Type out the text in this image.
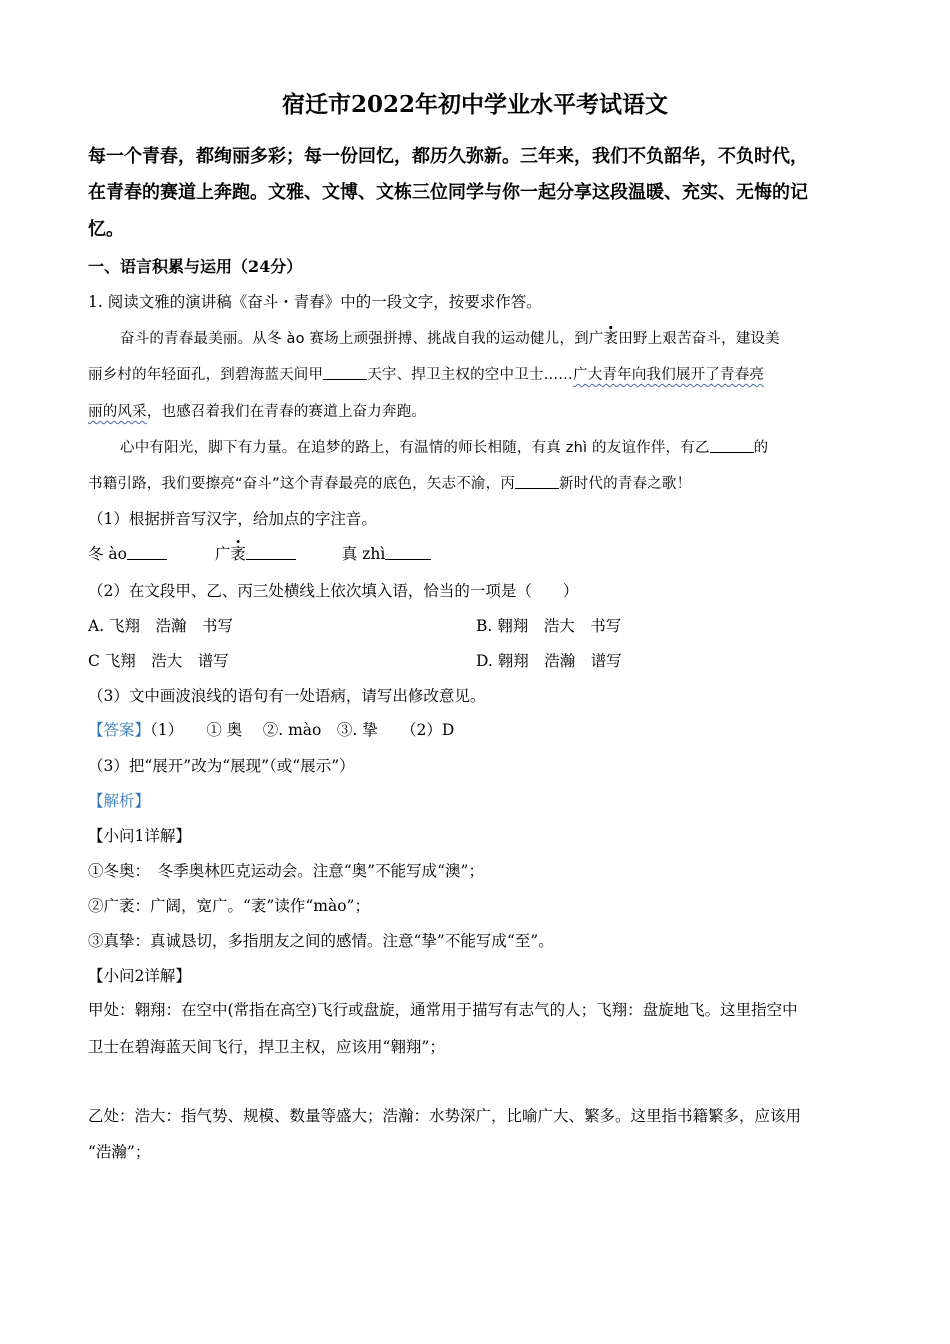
宿迁市2022年初中学业水平考试语文
每一个青春，都绚丽多彩；每一份回忆，都历久弥新。三年来，我们不负韶华，不负时代，
在青春的赛道上奔跑。文雅、文博、文栋三位同学与你一起分享这段温暖、充实、无悔的记
忆。
一、语言积累与运用（24分）
1. 阅读文雅的演讲稿《奋斗・青春》中的一段文字，按要求作答。
奋斗的青春最美丽。从冬 ào 赛场上顽强拼搏、挑战自我的运动健儿，到广袤田野上艰苦奋斗，建设美
丽乡村的年轻面孔，到碧海蓝天间甲	天宇、捍卫主权的空中卫士……广大青年向我们展开了青春亮
丽的风采，也感召着我们在青春的赛道上奋力奔跑。
心中有阳光，脚下有力量。在追梦的路上，有温情的师长相随，有真 zhì 的友谊作伴，有乙	的
书籍引路，我们要擦亮“奋斗”这个青春最亮的底色，矢志不渝，丙	新时代的青春之歌！
（1）根据拼音写汉字，给加点的字注音。
冬 ào	广袤	真 zhì
（2）在文段甲、乙、丙三处横线上依次填入语，恰当的一项是（　　）
A. 飞翔　浩瀚　书写	B. 翱翔　浩大　书写
C 飞翔　浩大　谱写	D. 翱翔　浩瀚　谱写
（3）文中画波浪线的语句有一处语病，请写出修改意见。
【答案】（1）　　① 奥　 ②. mào　③. 挚　　（2）D
（3）把“展开”改为“展现”（或“展示”）
【解析】
【小问1详解】
①冬奥：　冬季奥林匹克运动会。注意“奥”不能写成“澳”；
②广袤：广阔，宽广。“袤”读作“mào”；
③真挚：真诚恳切，多指朋友之间的感情。注意“挚”不能写成“至”。
【小问2详解】
甲处：翱翔：在空中(常指在高空)飞行或盘旋，通常用于描写有志气的人；飞翔：盘旋地飞。这里指空中
卫士在碧海蓝天间飞行，捍卫主权，应该用“翱翔”；
乙处：浩大：指气势、规模、数量等盛大；浩瀚：水势深广，比喻广大、繁多。这里指书籍繁多，应该用
“浩瀚”；
